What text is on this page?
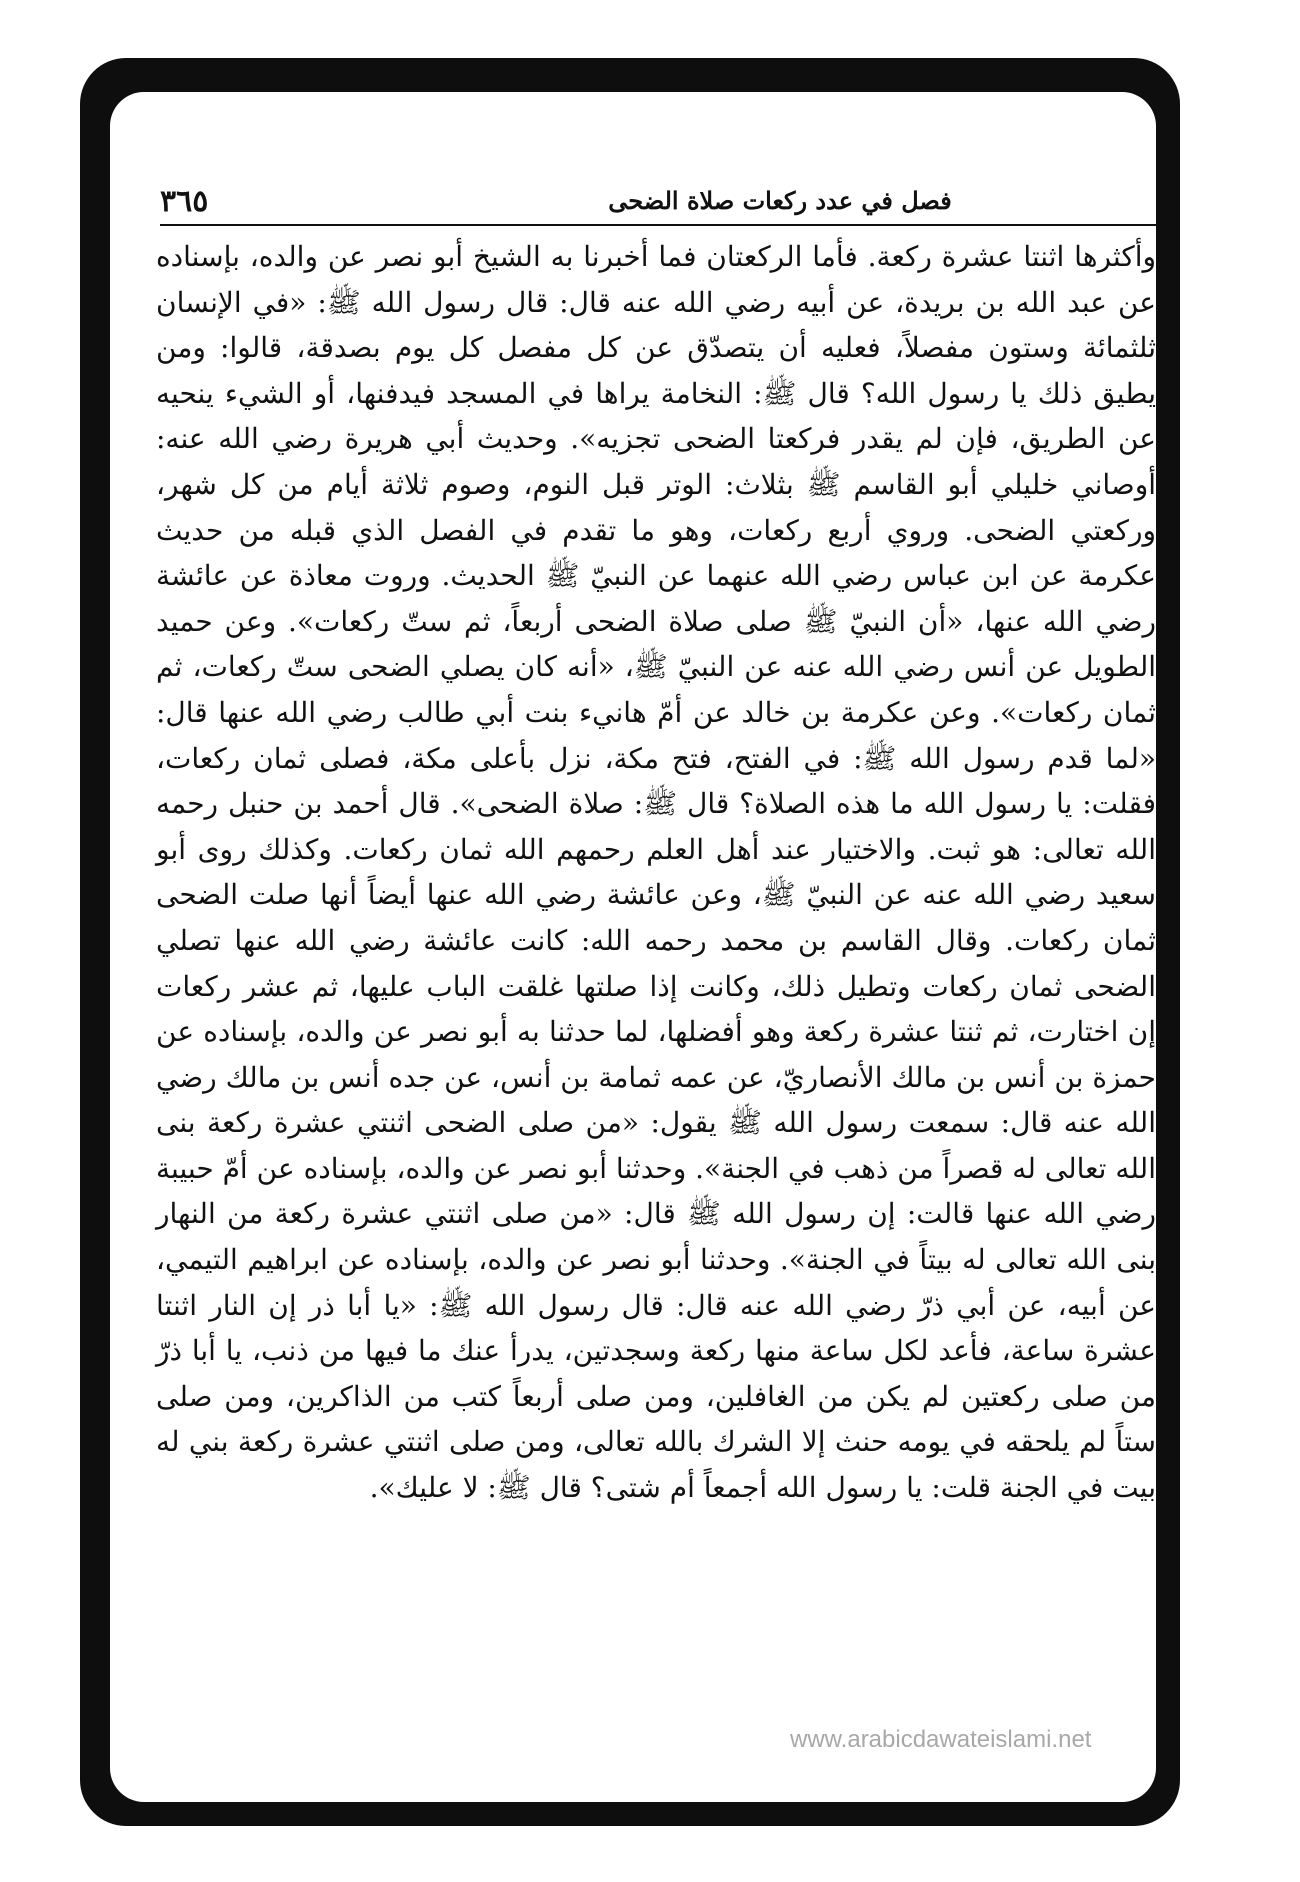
٣٦٥	فصل في عدد ركعات صلاة الضحى

وأكثرها اثنتا عشرة ركعة. فأما الركعتان فما أخبرنا به الشيخ أبو نصر عن والده، بإسناده عن عبد الله بن بريدة، عن أبيه رضي الله عنه قال: قال رسول الله ﷺ: «في الإنسان ثلثمائة وستون مفصلاً، فعليه أن يتصدّق عن كل مفصل كل يوم بصدقة، قالوا: ومن يطيق ذلك يا رسول الله؟ قال ﷺ: النخامة يراها في المسجد فيدفنها، أو الشيء ينحيه عن الطريق، فإن لم يقدر فركعتا الضحى تجزيه». وحديث أبي هريرة رضي الله عنه: أوصاني خليلي أبو القاسم ﷺ بثلاث: الوتر قبل النوم، وصوم ثلاثة أيام من كل شهر، وركعتي الضحى. وروي أربع ركعات، وهو ما تقدم في الفصل الذي قبله من حديث عكرمة عن ابن عباس رضي الله عنهما عن النبيّ ﷺ الحديث. وروت معاذة عن عائشة رضي الله عنها، «أن النبيّ ﷺ صلى صلاة الضحى أربعاً، ثم ستّ ركعات». وعن حميد الطويل عن أنس رضي الله عنه عن النبيّ ﷺ، «أنه كان يصلي الضحى ستّ ركعات، ثم ثمان ركعات». وعن عكرمة بن خالد عن أمّ هانيء بنت أبي طالب رضي الله عنها قال: «لما قدم رسول الله ﷺ: في الفتح، فتح مكة، نزل بأعلى مكة، فصلى ثمان ركعات، فقلت: يا رسول الله ما هذه الصلاة؟ قال ﷺ: صلاة الضحى». قال أحمد بن حنبل رحمه الله تعالى: هو ثبت. والاختيار عند أهل العلم رحمهم الله ثمان ركعات. وكذلك روى أبو سعيد رضي الله عنه عن النبيّ ﷺ، وعن عائشة رضي الله عنها أيضاً أنها صلت الضحى ثمان ركعات. وقال القاسم بن محمد رحمه الله: كانت عائشة رضي الله عنها تصلي الضحى ثمان ركعات وتطيل ذلك، وكانت إذا صلتها غلقت الباب عليها، ثم عشر ركعات إن اختارت، ثم ثنتا عشرة ركعة وهو أفضلها، لما حدثنا به أبو نصر عن والده، بإسناده عن حمزة بن أنس بن مالك الأنصاريّ، عن عمه ثمامة بن أنس، عن جده أنس بن مالك رضي الله عنه قال: سمعت رسول الله ﷺ يقول: «من صلى الضحى اثنتي عشرة ركعة بنى الله تعالى له قصراً من ذهب في الجنة». وحدثنا أبو نصر عن والده، بإسناده عن أمّ حبيبة رضي الله عنها قالت: إن رسول الله ﷺ قال: «من صلى اثنتي عشرة ركعة من النهار بنى الله تعالى له بيتاً في الجنة». وحدثنا أبو نصر عن والده، بإسناده عن ابراهيم التيمي، عن أبيه، عن أبي ذرّ رضي الله عنه قال: قال رسول الله ﷺ: «يا أبا ذر إن النار اثنتا عشرة ساعة، فأعد لكل ساعة منها ركعة وسجدتين، يدرأ عنك ما فيها من ذنب، يا أبا ذرّ من صلى ركعتين لم يكن من الغافلين، ومن صلى أربعاً كتب من الذاكرين، ومن صلى ستاً لم يلحقه في يومه حنث إلا الشرك بالله تعالى، ومن صلى اثنتي عشرة ركعة بني له بيت في الجنة قلت: يا رسول الله أجمعاً أم شتى؟ قال ﷺ: لا عليك».

www.arabicdawateislami.net
